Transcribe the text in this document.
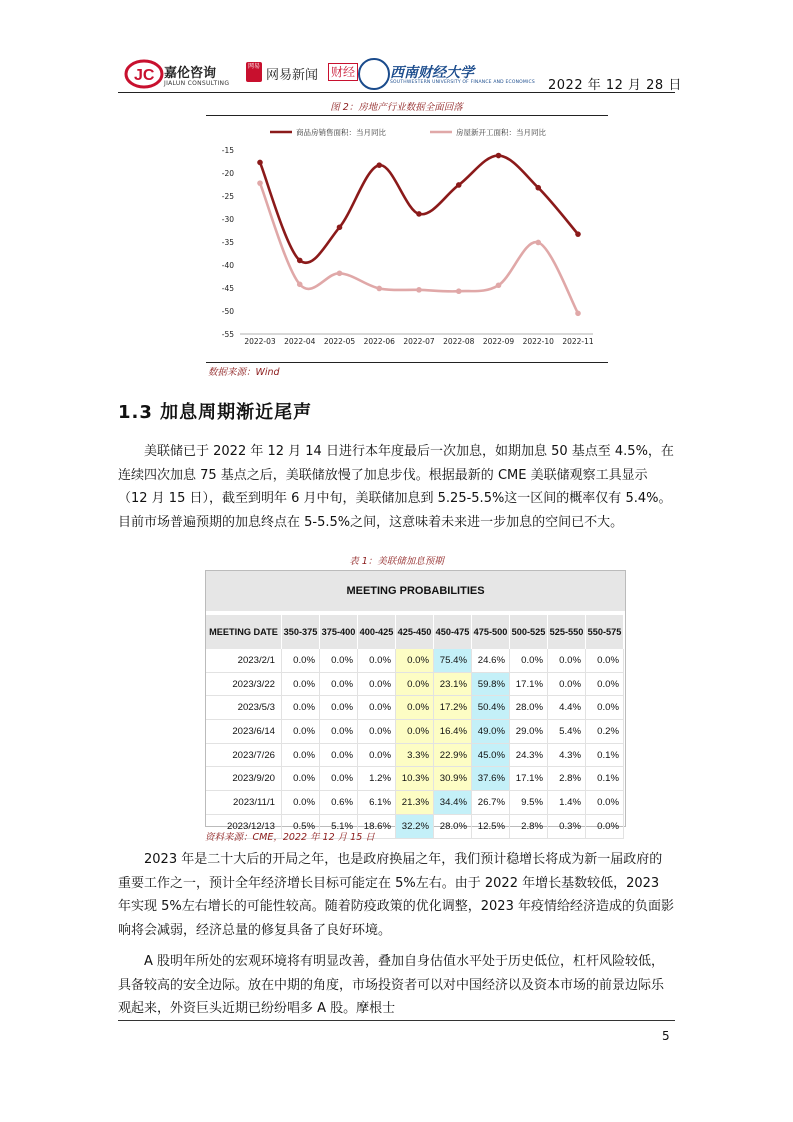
JC 嘉伦咨询
JIALUN CONSULTING
网易
网易新闻 财经 西南财经大学
SOUTHWESTERN UNIVERSITY OF FINANCE AND ECONOMICS 2022 年 12 月 28 日
图 2：房地产行业数据全面回落
商品房销售面积：当月同比	房屋新开工面积：当月同比
-15
-20
-25
-30
-35
-40
-45
-50
-55
2022-03 2022-04 2022-05 2022-06 2022-07 2022-08 2022-09 2022-10 2022-11
数据来源：Wind
1.3 加息周期渐近尾声

美联储已于 2022 年 12 月 14 日进行本年度最后一次加息，如期加息 50 基点至 4.5%，在连续四次加息 75 基点之后，美联储放慢了加息步伐。根据最新的 CME 美联储观察工具显示（12 月 15 日），截至到明年 6 月中旬，美联储加息到 5.25-5.5%这一区间的概率仅有 5.4%。目前市场普遍预期的加息终点在 5-5.5%之间，这意味着未来进一步加息的空间已不大。

表 1：美联储加息预期
MEETING PROBABILITIES
MEETING DATE	350-375	375-400	400-425	425-450	450-475	475-500	500-525	525-550	550-575
2023/2/1	0.0%	0.0%	0.0%	0.0%	75.4%	24.6%	0.0%	0.0%	0.0%
2023/3/22	0.0%	0.0%	0.0%	0.0%	23.1%	59.8%	17.1%	0.0%	0.0%
2023/5/3	0.0%	0.0%	0.0%	0.0%	17.2%	50.4%	28.0%	4.4%	0.0%
2023/6/14	0.0%	0.0%	0.0%	0.0%	16.4%	49.0%	29.0%	5.4%	0.2%
2023/7/26	0.0%	0.0%	0.0%	3.3%	22.9%	45.0%	24.3%	4.3%	0.1%
2023/9/20	0.0%	0.0%	1.2%	10.3%	30.9%	37.6%	17.1%	2.8%	0.1%
2023/11/1	0.0%	0.6%	6.1%	21.3%	34.4%	26.7%	9.5%	1.4%	0.0%
2023/12/13	0.5%	5.1%	18.6%	32.2%	28.0%	12.5%	2.8%	0.3%	0.0%
资料来源：CME，2022 年 12 月 15 日

2023 年是二十大后的开局之年，也是政府换届之年，我们预计稳增长将成为新一届政府的重要工作之一，预计全年经济增长目标可能定在 5%左右。由于 2022 年增长基数较低，2023 年实现 5%左右增长的可能性较高。随着防疫政策的优化调整，2023 年疫情给经济造成的负面影响将会减弱，经济总量的修复具备了良好环境。

A 股明年所处的宏观环境将有明显改善，叠加自身估值水平处于历史低位，杠杆风险较低，具备较高的安全边际。放在中期的角度，市场投资者可以对中国经济以及资本市场的前景边际乐观起来，外资巨头近期已纷纷唱多 A 股。摩根士

5
